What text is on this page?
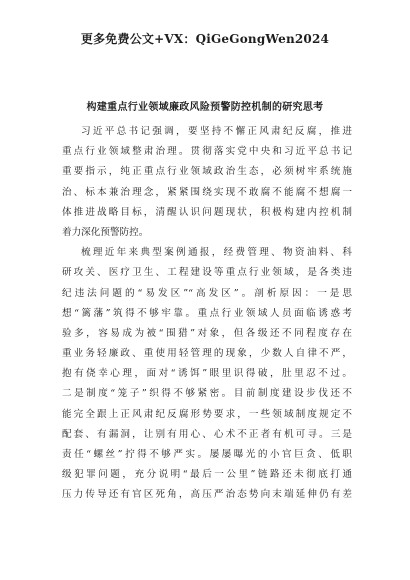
更多免费公文+VX：QiGeGongWen2024
构建重点行业领域廉政风险预警防控机制的研究思考
习近平总书记强调，要坚持不懈正风肃纪反腐，推进
重点行业领域整肃治理。贯彻落实党中央和习近平总书记
重要指示，纯正重点行业领域政治生态，必须树牢系统施
治、标本兼治理念，紧紧围绕实现不敢腐不能腐不想腐一
体推进战略目标，清醒认识问题现状，积极构建内控机制
着力深化预警防控。
梳理近年来典型案例通报，经费管理、物资油料、科
研攻关、医疗卫生、工程建设等重点行业领域，是各类违
纪违法问题的“易发区”“高发区”。剖析原因：一是思
想“篱藩”筑得不够牢靠。重点行业领域人员面临诱惑考
验多，容易成为被“围猎”对象，但各级还不同程度存在
重业务轻廉政、重使用轻管理的现象，少数人自律不严，
抱有侥幸心理，面对“诱饵”眼里识得破，肚里忍不过。
二是制度“笼子”织得不够紧密。目前制度建设步伐还不
能完全跟上正风肃纪反腐形势要求，一些领域制度规定不
配套、有漏洞，让别有用心、心术不正者有机可寻。三是
责任“螺丝”拧得不够严实。屡屡曝光的小官巨贪、低职
级犯罪问题，充分说明“最后一公里”链路还未彻底打通
压力传导还有官区死角，高压严治态势向末端延伸仍有差
